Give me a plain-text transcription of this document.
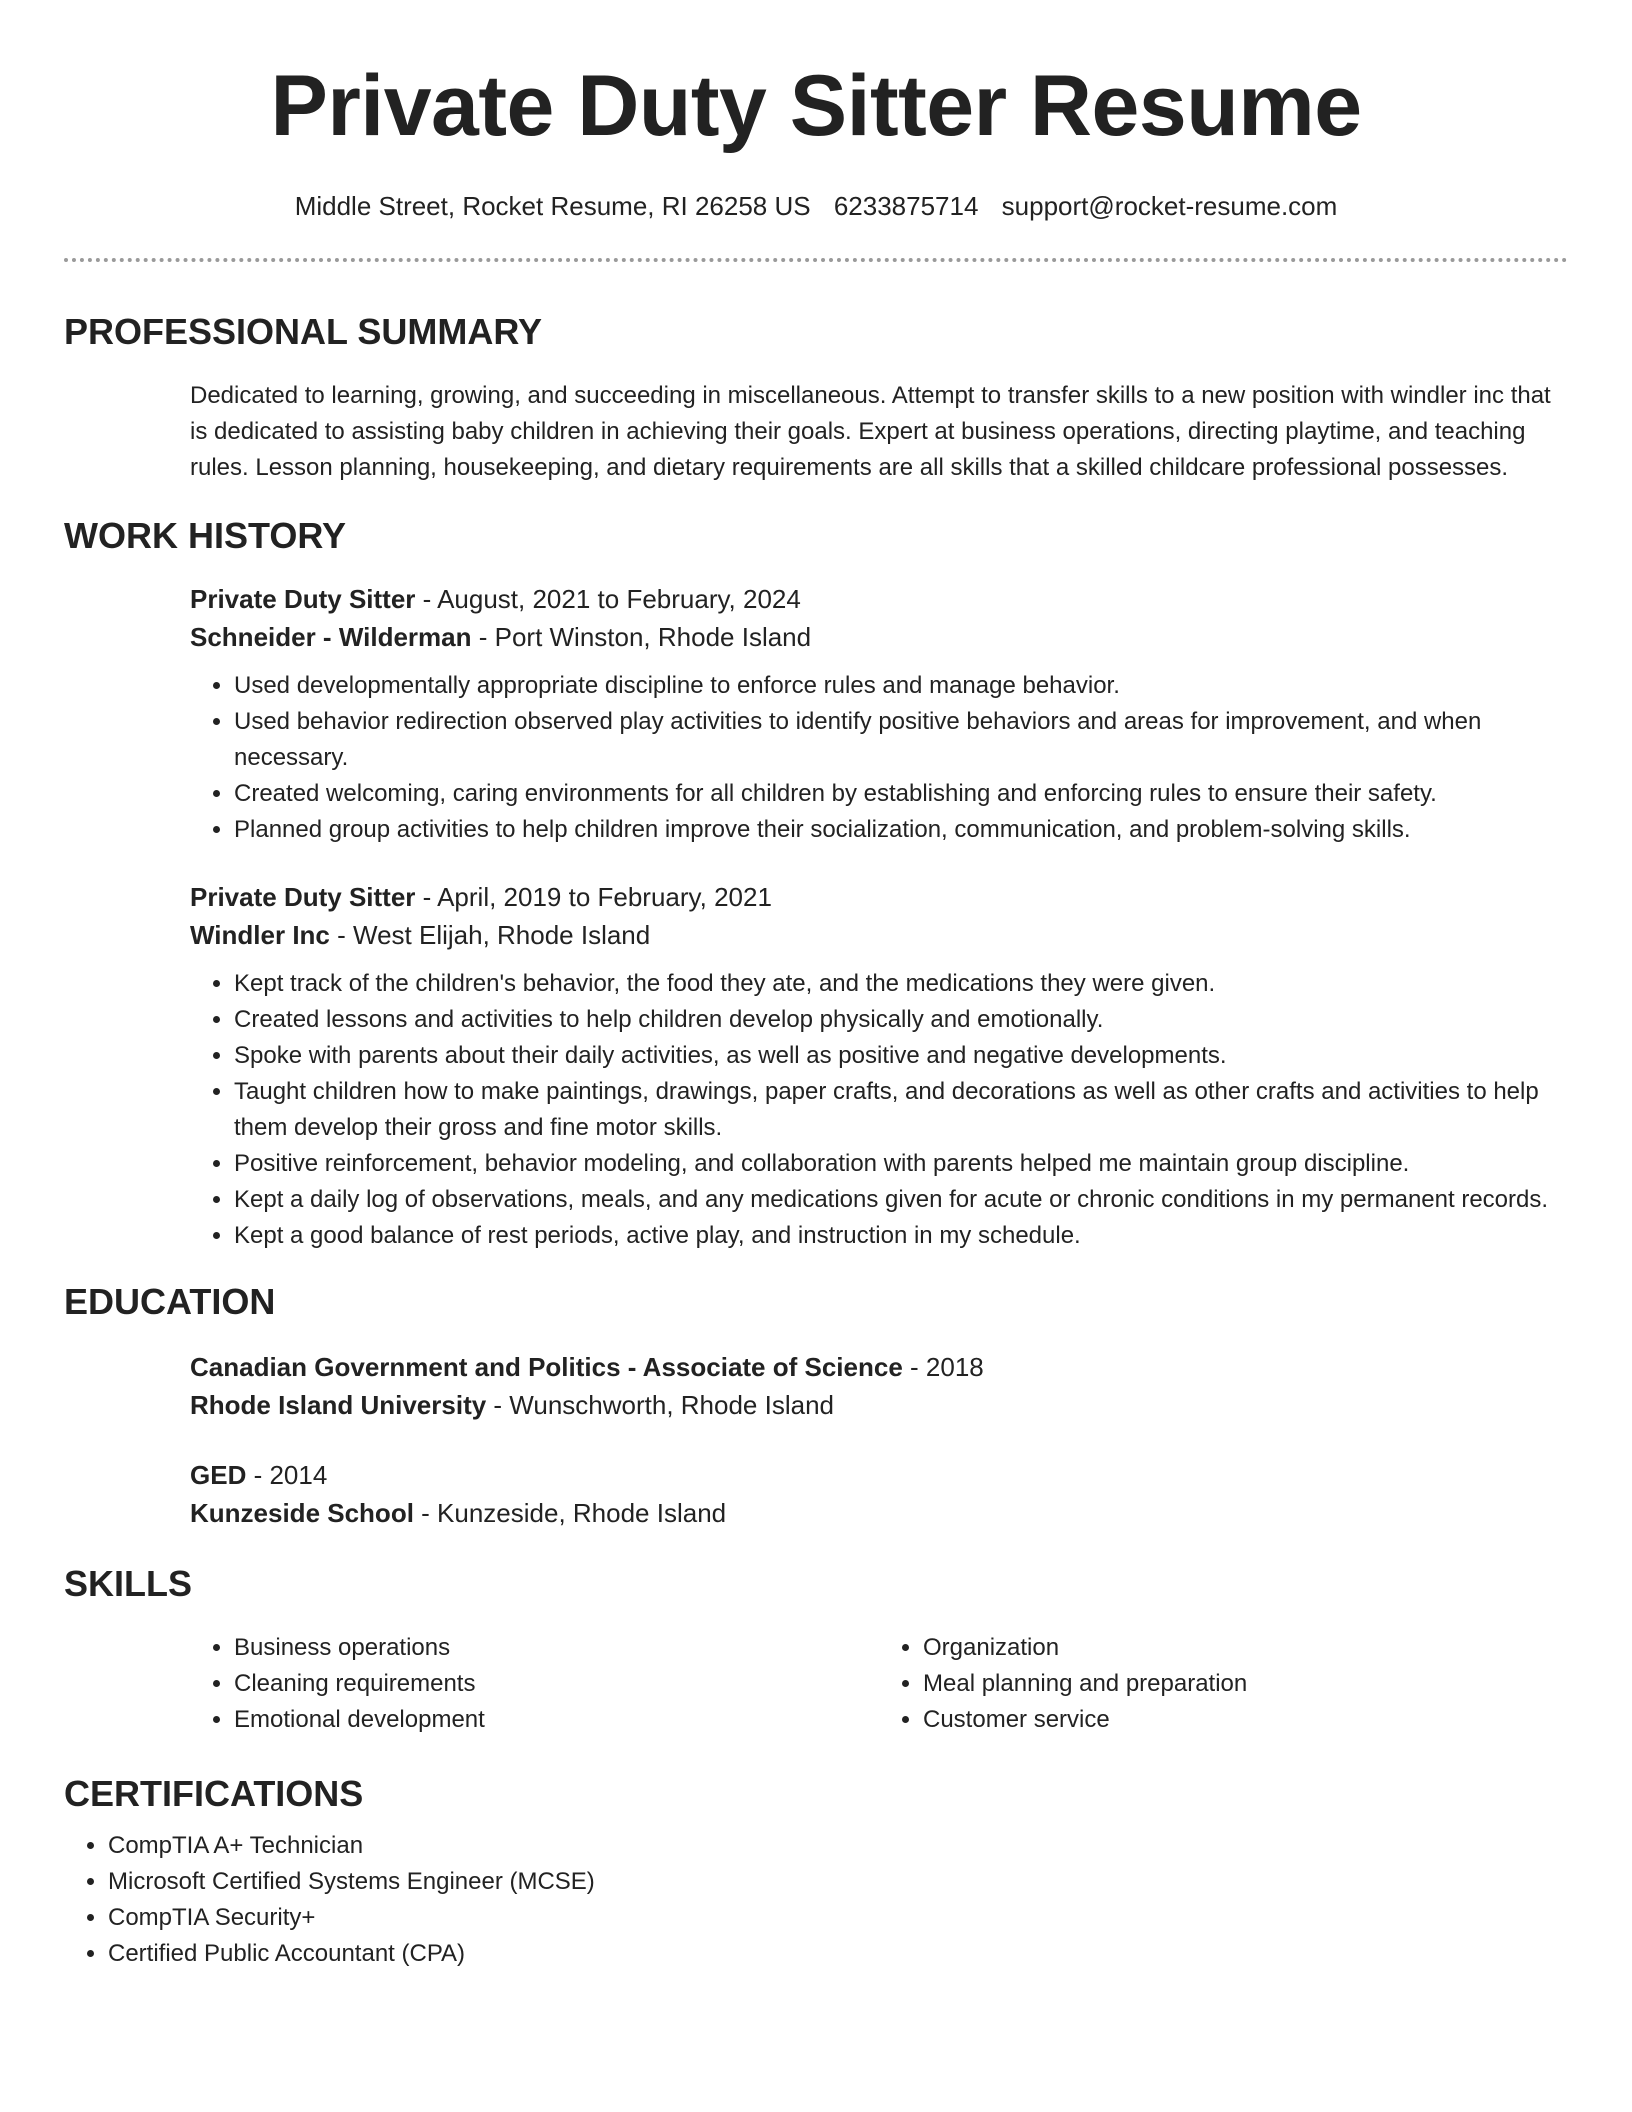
Private Duty Sitter Resume
Middle Street, Rocket Resume, RI 26258 US 6233875714 support@rocket-resume.com
PROFESSIONAL SUMMARY
Dedicated to learning, growing, and succeeding in miscellaneous. Attempt to transfer skills to a new position with windler inc that is dedicated to assisting baby children in achieving their goals. Expert at business operations, directing playtime, and teaching rules. Lesson planning, housekeeping, and dietary requirements are all skills that a skilled childcare professional possesses.
WORK HISTORY
Private Duty Sitter - August, 2021 to February, 2024
Schneider - Wilderman - Port Winston, Rhode Island
• Used developmentally appropriate discipline to enforce rules and manage behavior.
• Used behavior redirection observed play activities to identify positive behaviors and areas for improvement, and when necessary.
• Created welcoming, caring environments for all children by establishing and enforcing rules to ensure their safety.
• Planned group activities to help children improve their socialization, communication, and problem-solving skills.
Private Duty Sitter - April, 2019 to February, 2021
Windler Inc - West Elijah, Rhode Island
• Kept track of the children's behavior, the food they ate, and the medications they were given.
• Created lessons and activities to help children develop physically and emotionally.
• Spoke with parents about their daily activities, as well as positive and negative developments.
• Taught children how to make paintings, drawings, paper crafts, and decorations as well as other crafts and activities to help them develop their gross and fine motor skills.
• Positive reinforcement, behavior modeling, and collaboration with parents helped me maintain group discipline.
• Kept a daily log of observations, meals, and any medications given for acute or chronic conditions in my permanent records.
• Kept a good balance of rest periods, active play, and instruction in my schedule.
EDUCATION
Canadian Government and Politics - Associate of Science - 2018
Rhode Island University - Wunschworth, Rhode Island
GED - 2014
Kunzeside School - Kunzeside, Rhode Island
SKILLS
• Business operations
• Cleaning requirements
• Emotional development
• Organization
• Meal planning and preparation
• Customer service
CERTIFICATIONS
• CompTIA A+ Technician
• Microsoft Certified Systems Engineer (MCSE)
• CompTIA Security+
• Certified Public Accountant (CPA)
